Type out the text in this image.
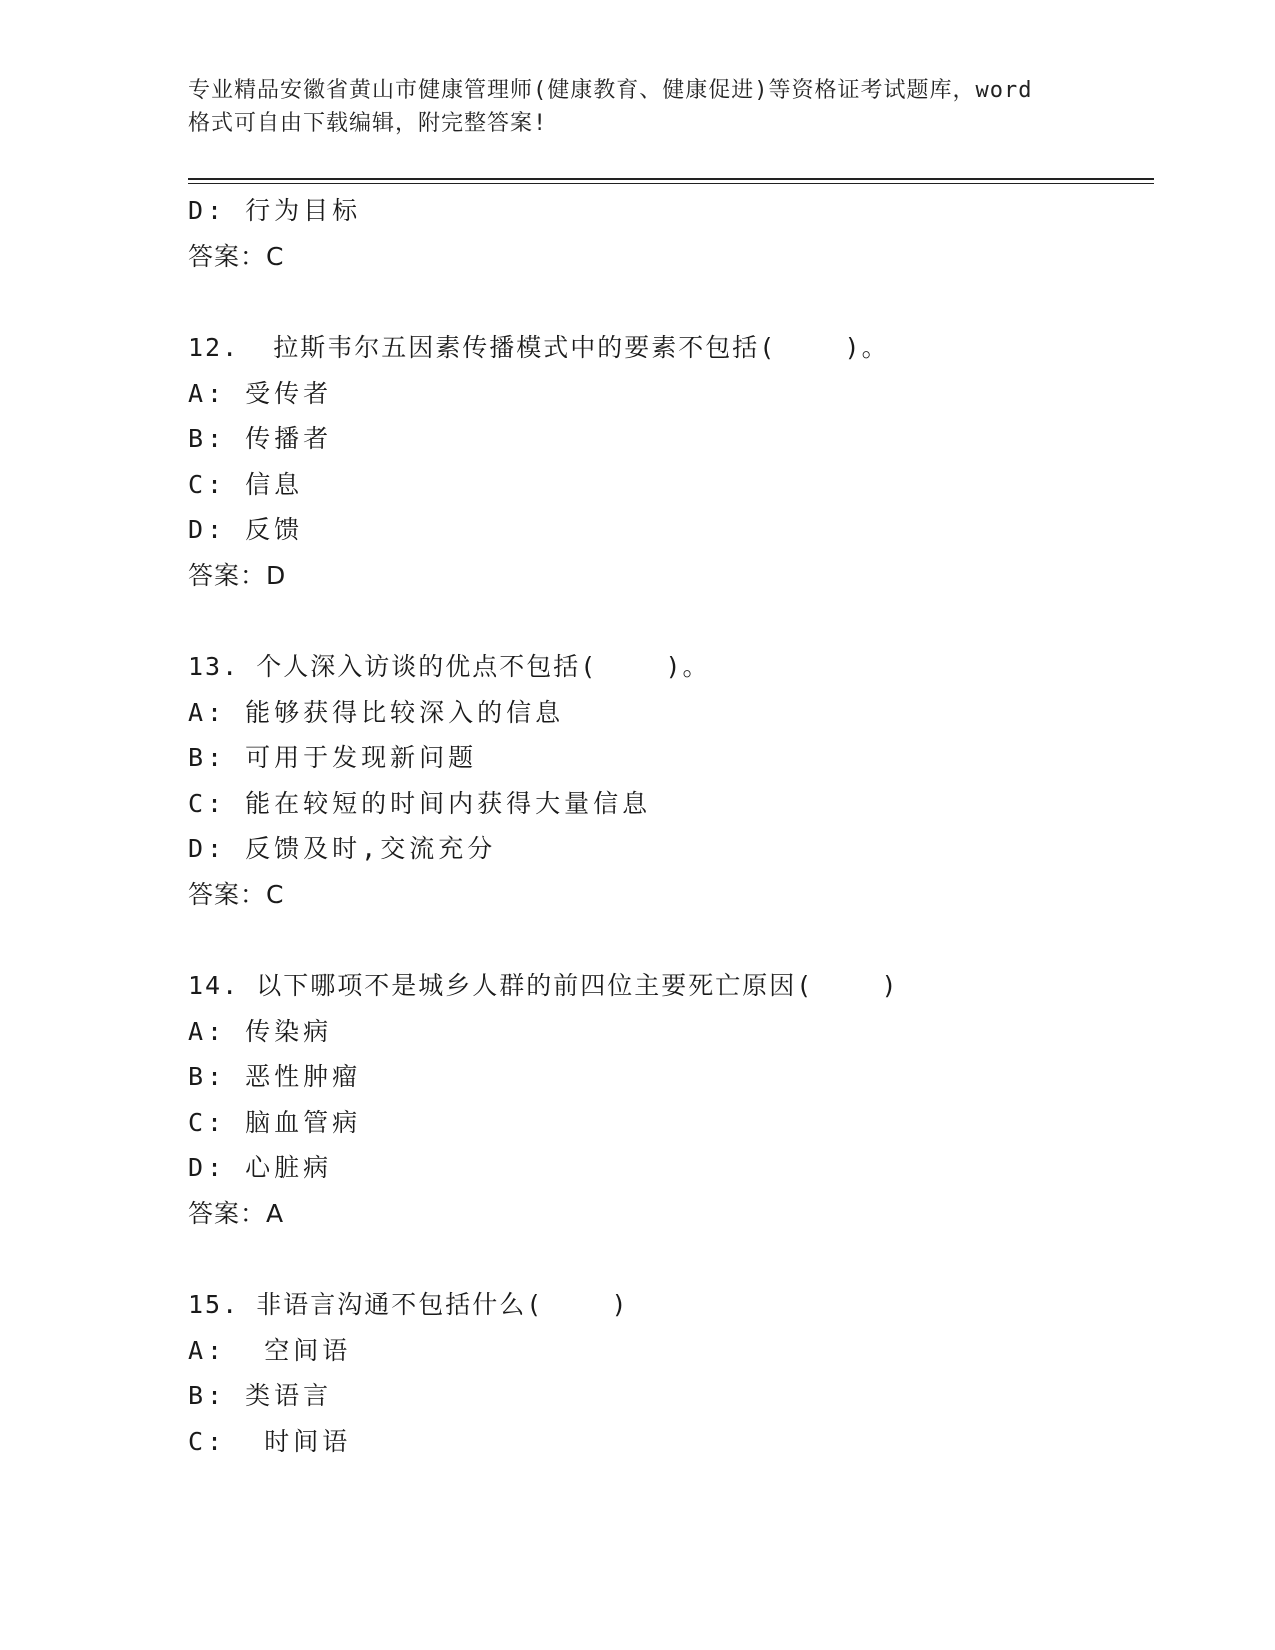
专业精品安徽省黄山市健康管理师(健康教育、健康促进)等资格证考试题库，word
格式可自由下载编辑，附完整答案!
D: 行为目标
答案：C
12.  拉斯韦尔五因素传播模式中的要素不包括(    )。
A: 受传者
B: 传播者
C: 信息
D: 反馈
答案：D
13. 个人深入访谈的优点不包括(    )。
A: 能够获得比较深入的信息
B: 可用于发现新问题
C: 能在较短的时间内获得大量信息
D: 反馈及时,交流充分
答案：C
14. 以下哪项不是城乡人群的前四位主要死亡原因(    )
A: 传染病
B: 恶性肿瘤
C: 脑血管病
D: 心脏病
答案：A
15. 非语言沟通不包括什么(    )
A:  空间语
B: 类语言
C:  时间语
